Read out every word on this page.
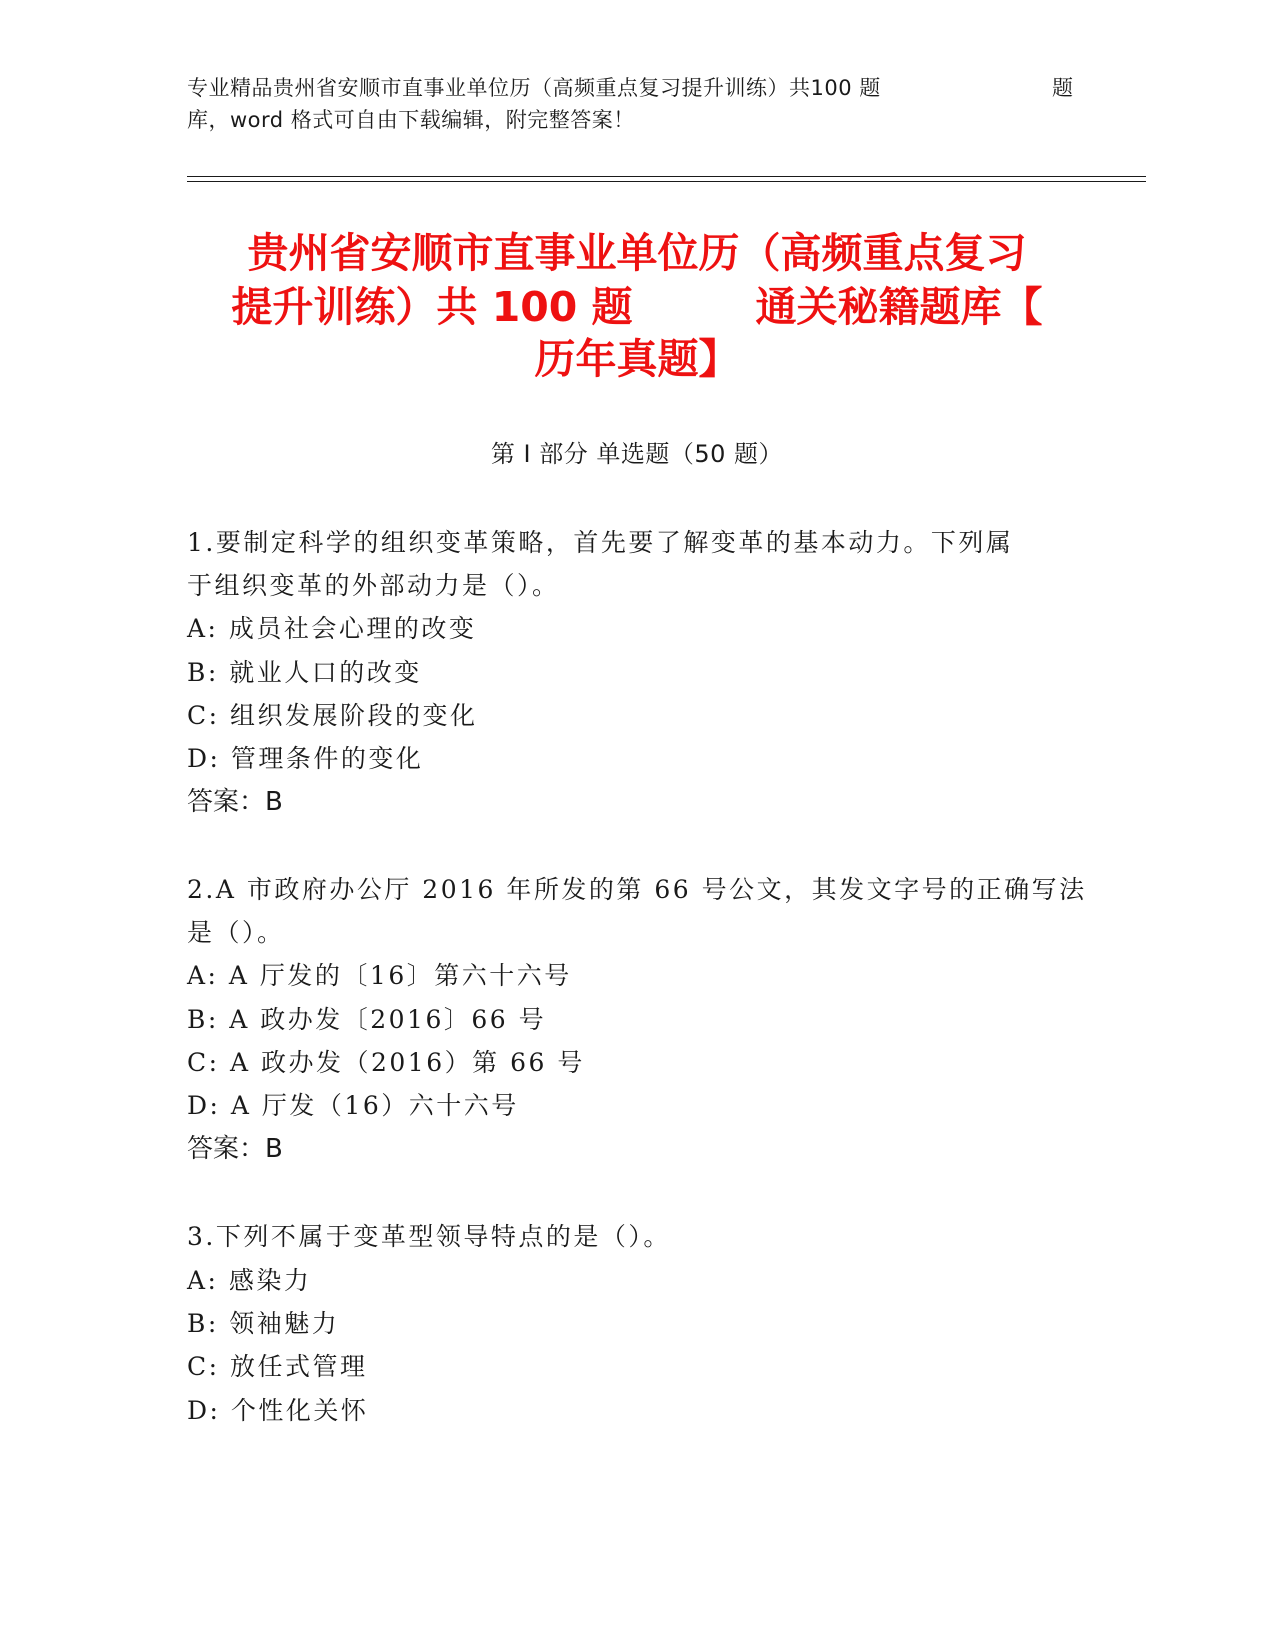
专业精品贵州省安顺市直事业单位历（高频重点复习提升训练）共100 题	题
库，word 格式可自由下载编辑，附完整答案！
贵州省安顺市直事业单位历（高频重点复习
提升训练）共 100 题　　　通关秘籍题库【
历年真题】
第 I 部分 单选题（50 题）
1.要制定科学的组织变革策略，首先要了解变革的基本动力。下列属
于组织变革的外部动力是（）。
A: 成员社会心理的改变
B: 就业人口的改变
C: 组织发展阶段的变化
D: 管理条件的变化
答案：B
2.A 市政府办公厅 2016 年所发的第 66 号公文，其发文字号的正确写法
是（）。
A: A 厅发的〔16〕第六十六号
B: A 政办发〔2016〕66 号
C: A 政办发（2016）第 66 号
D: A 厅发（16）六十六号
答案：B
3.下列不属于变革型领导特点的是（）。
A: 感染力
B: 领袖魅力
C: 放任式管理
D: 个性化关怀
